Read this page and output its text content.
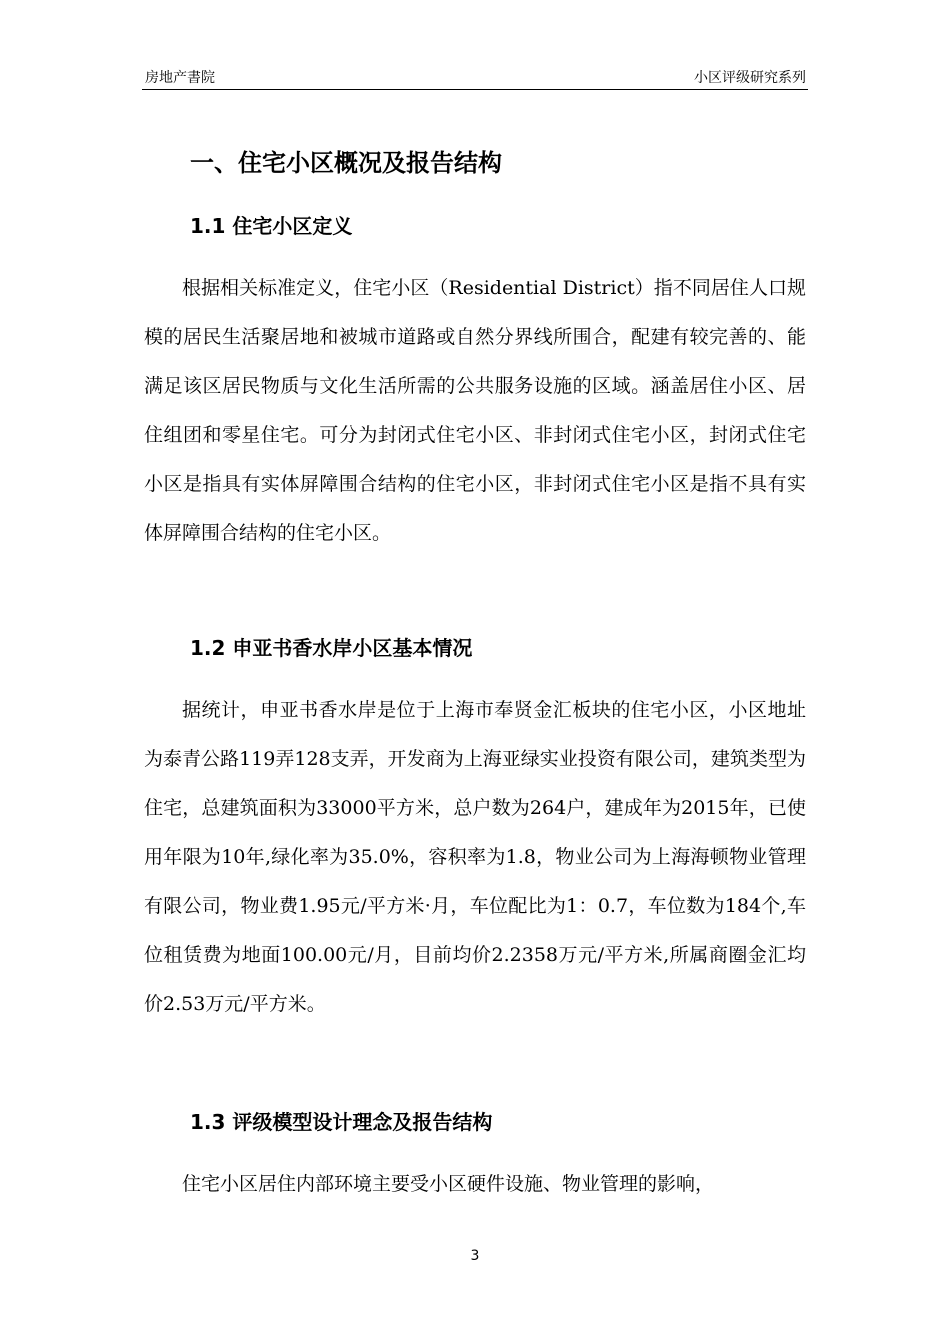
房地产書院	小区评级研究系列
一、住宅小区概况及报告结构
1.1 住宅小区定义
根据相关标准定义，住宅小区（Residential District）指不同居住人口规模的居民生活聚居地和被城市道路或自然分界线所围合，配建有较完善的、能满足该区居民物质与文化生活所需的公共服务设施的区域。涵盖居住小区、居住组团和零星住宅。可分为封闭式住宅小区、非封闭式住宅小区，封闭式住宅小区是指具有实体屏障围合结构的住宅小区，非封闭式住宅小区是指不具有实体屏障围合结构的住宅小区。
1.2 申亚书香水岸小区基本情况
据统计，申亚书香水岸是位于上海市奉贤金汇板块的住宅小区，小区地址为泰青公路119弄128支弄，开发商为上海亚绿实业投资有限公司，建筑类型为住宅，总建筑面积为33000平方米，总户数为264户，建成年为2015年，已使用年限为10年,绿化率为35.0%，容积率为1.8，物业公司为上海海顿物业管理有限公司，物业费1.95元/平方米·月，车位配比为1：0.7，车位数为184个,车位租赁费为地面100.00元/月，目前均价2.2358万元/平方米,所属商圈金汇均价2.53万元/平方米。
1.3 评级模型设计理念及报告结构
住宅小区居住内部环境主要受小区硬件设施、物业管理的影响，
3
